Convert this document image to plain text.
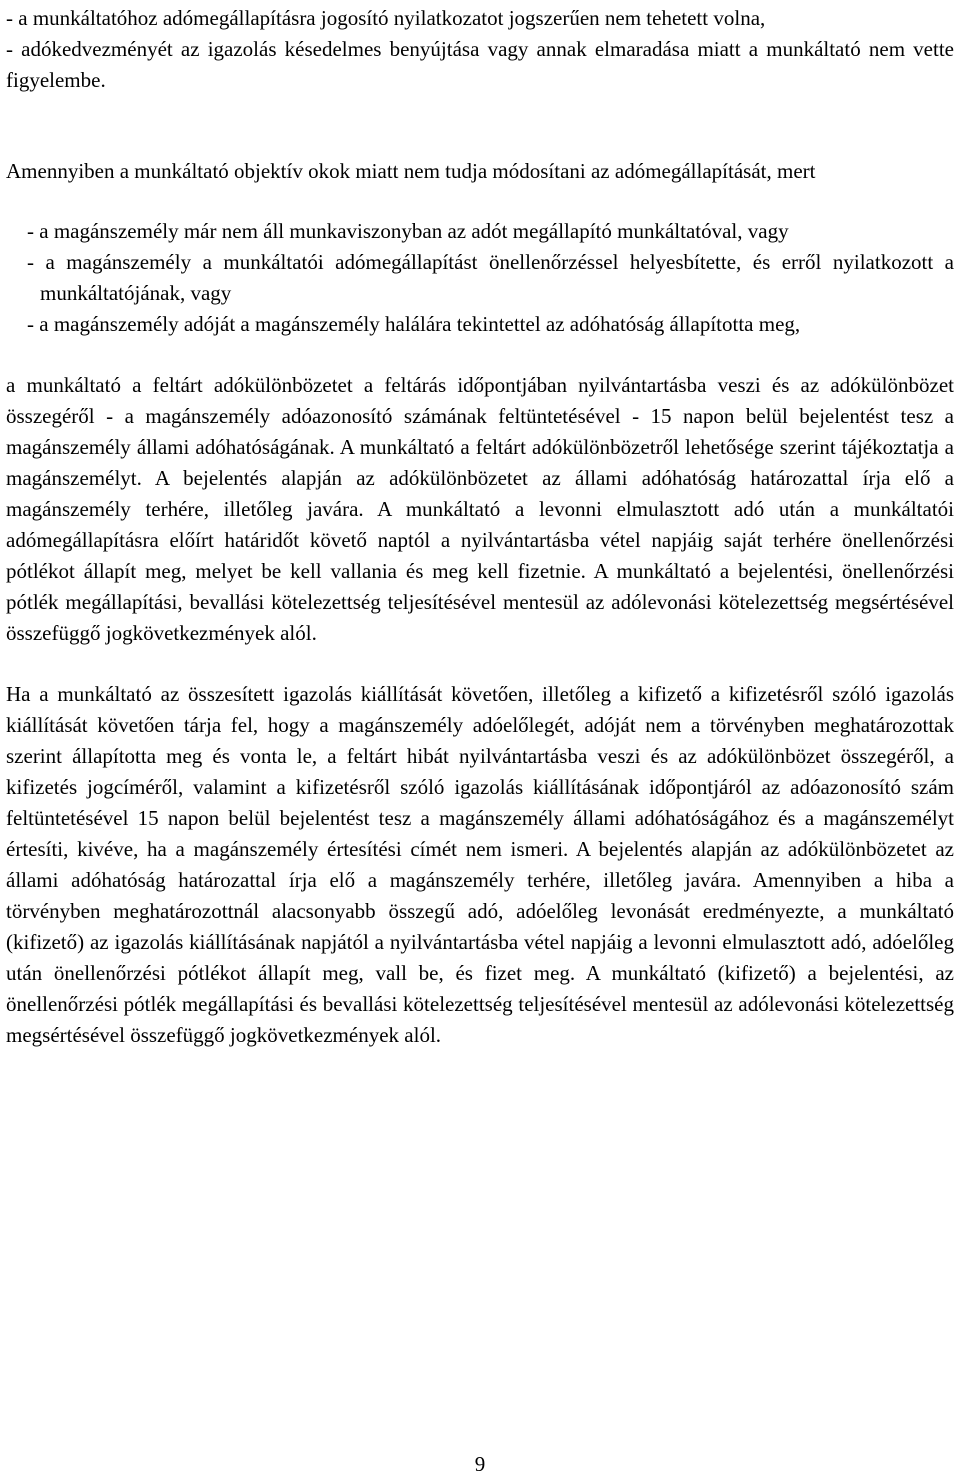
- a munkáltatóhoz adómegállapításra jogosító nyilatkozatot jogszerűen nem tehetett volna,

- adókedvezményét az igazolás késedelmes benyújtása vagy annak elmaradása miatt a munkáltató nem vette figyelembe.

Amennyiben a munkáltató objektív okok miatt nem tudja módosítani az adómegállapítását, mert

- a magánszemély már nem áll munkaviszonyban az adót megállapító munkáltatóval, vagy

- a magánszemély a munkáltatói adómegállapítást önellenőrzéssel helyesbítette, és erről nyilatkozott a munkáltatójának, vagy

- a magánszemély adóját a magánszemély halálára tekintettel az adóhatóság állapította meg,

a munkáltató a feltárt adókülönbözetet a feltárás időpontjában nyilvántartásba veszi és az adókülönbözet összegéről - a magánszemély adóazonosító számának feltüntetésével - 15 napon belül bejelentést tesz a magánszemély állami adóhatóságának. A munkáltató a feltárt adókülönbözetről lehetősége szerint tájékoztatja a magánszemélyt. A bejelentés alapján az adókülönbözetet az állami adóhatóság határozattal írja elő a magánszemély terhére, illetőleg javára. A munkáltató a levonni elmulasztott adó után a munkáltatói adómegállapításra előírt határidőt követő naptól a nyilvántartásba vétel napjáig saját terhére önellenőrzési pótlékot állapít meg, melyet be kell vallania és meg kell fizetnie. A munkáltató a bejelentési, önellenőrzési pótlék megállapítási, bevallási kötelezettség teljesítésével mentesül az adólevonási kötelezettség megsértésével összefüggő jogkövetkezmények alól.

Ha a munkáltató az összesített igazolás kiállítását követően, illetőleg a kifizető a kifizetésről szóló igazolás kiállítását követően tárja fel, hogy a magánszemély adóelőlegét, adóját nem a törvényben meghatározottak szerint állapította meg és vonta le, a feltárt hibát nyilvántartásba veszi és az adókülönbözet összegéről, a kifizetés jogcíméről, valamint a kifizetésről szóló igazolás kiállításának időpontjáról az adóazonosító szám feltüntetésével 15 napon belül bejelentést tesz a magánszemély állami adóhatóságához és a magánszemélyt értesíti, kivéve, ha a magánszemély értesítési címét nem ismeri. A bejelentés alapján az adókülönbözetet az állami adóhatóság határozattal írja elő a magánszemély terhére, illetőleg javára. Amennyiben a hiba a törvényben meghatározottnál alacsonyabb összegű adó, adóelőleg levonását eredményezte, a munkáltató (kifizető) az igazolás kiállításának napjától a nyilvántartásba vétel napjáig a levonni elmulasztott adó, adóelőleg után önellenőrzési pótlékot állapít meg, vall be, és fizet meg. A munkáltató (kifizető) a bejelentési, az önellenőrzési pótlék megállapítási és bevallási kötelezettség teljesítésével mentesül az adólevonási kötelezettség megsértésével összefüggő jogkövetkezmények alól.

9
